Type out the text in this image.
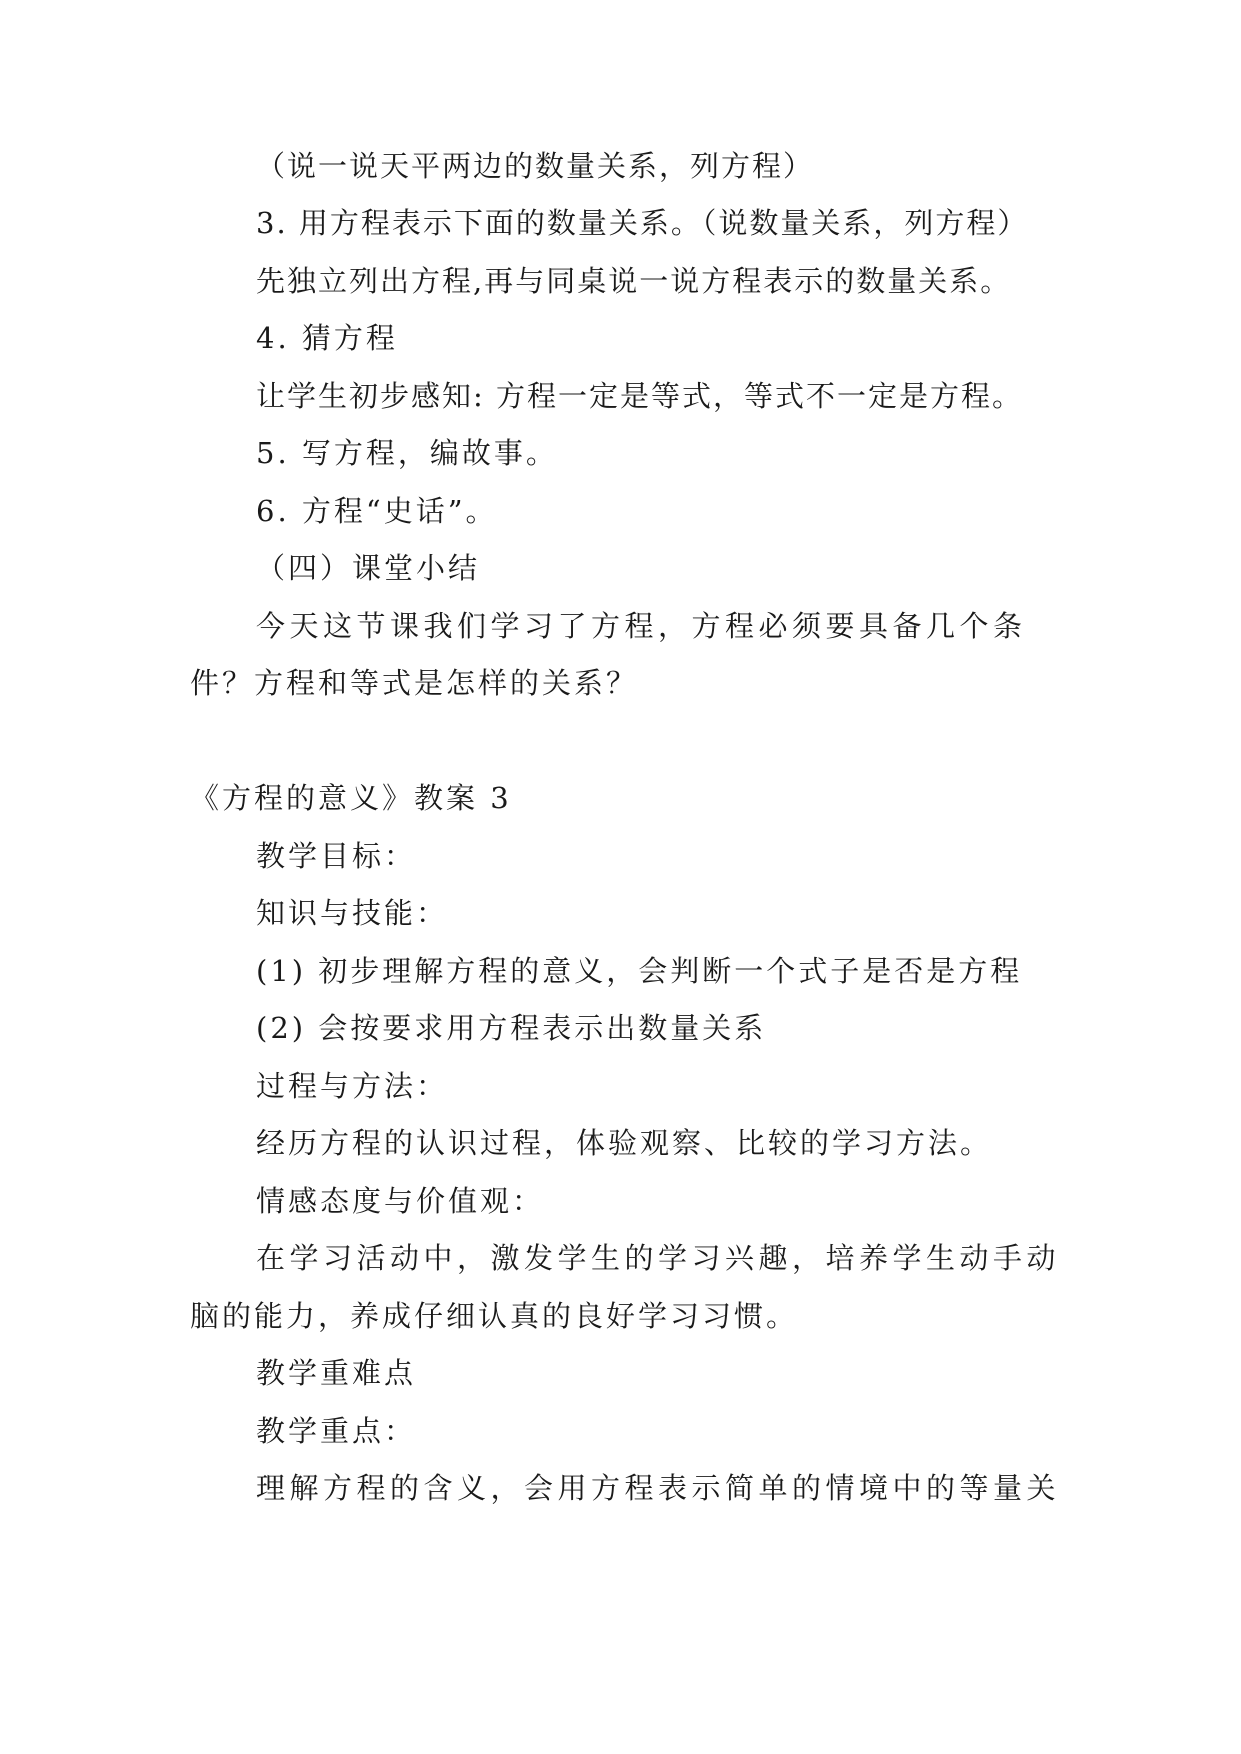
（说一说天平两边的数量关系，列方程）
3. 用方程表示下面的数量关系。（说数量关系，列方程）
先独立列出方程,再与同桌说一说方程表示的数量关系。
4. 猜方程
让学生初步感知: 方程一定是等式，等式不一定是方程。
5. 写方程，编故事。
6. 方程“史话”。
（四）课堂小结
今天这节课我们学习了方程，方程必须要具备几个条
件？方程和等式是怎样的关系？
《方程的意义》教案 3
教学目标：
知识与技能：
(1) 初步理解方程的意义，会判断一个式子是否是方程
(2) 会按要求用方程表示出数量关系
过程与方法：
经历方程的认识过程，体验观察、比较的学习方法。
情感态度与价值观：
在学习活动中，激发学生的学习兴趣，培养学生动手动
脑的能力，养成仔细认真的良好学习习惯。
教学重难点
教学重点：
理解方程的含义，会用方程表示简单的情境中的等量关
